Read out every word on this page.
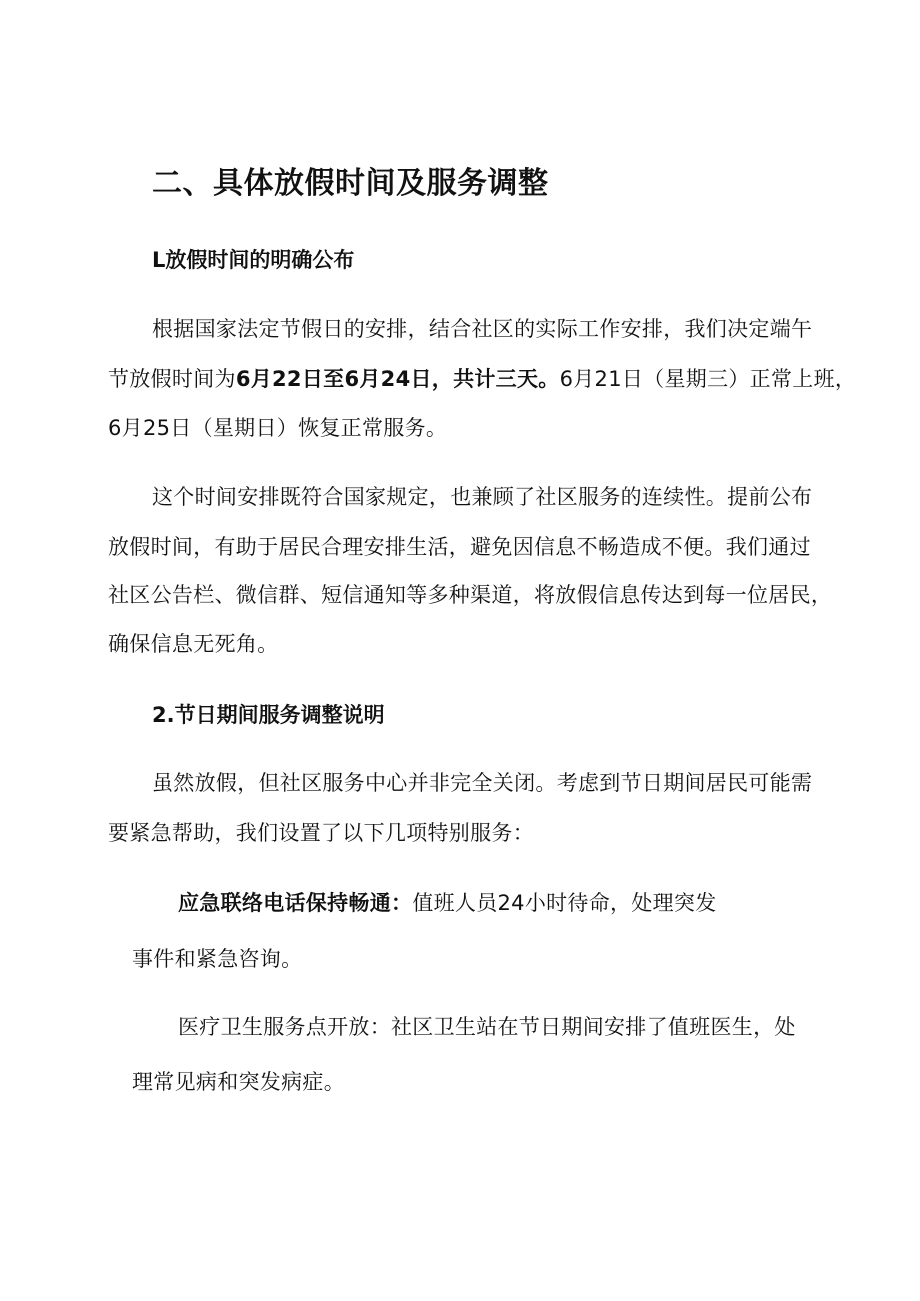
二、具体放假时间及服务调整
L放假时间的明确公布
根据国家法定节假日的安排，结合社区的实际工作安排，我们决定端午
节放假时间为6月22日至6月24日，共计三天。6月21日（星期三）正常上班，
6月25日（星期日）恢复正常服务。
这个时间安排既符合国家规定，也兼顾了社区服务的连续性。提前公布
放假时间，有助于居民合理安排生活，避免因信息不畅造成不便。我们通过
社区公告栏、微信群、短信通知等多种渠道，将放假信息传达到每一位居民，
确保信息无死角。
2.节日期间服务调整说明
虽然放假，但社区服务中心并非完全关闭。考虑到节日期间居民可能需
要紧急帮助，我们设置了以下几项特别服务：
应急联络电话保持畅通：值班人员24小时待命，处理突发
事件和紧急咨询。
医疗卫生服务点开放：社区卫生站在节日期间安排了值班医生，处
理常见病和突发病症。
